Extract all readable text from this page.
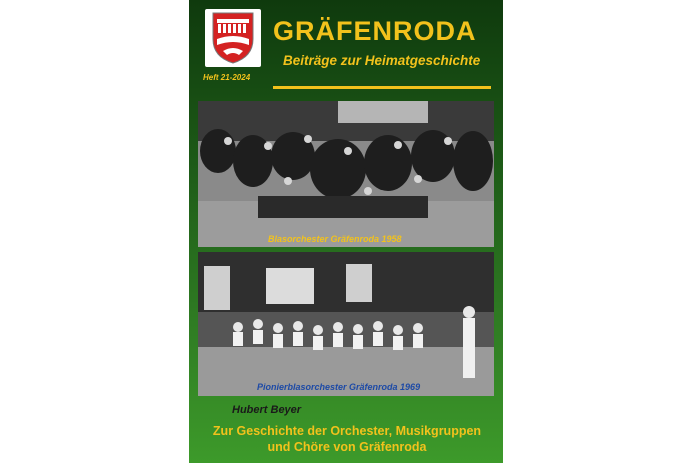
GRÄFENRODA
Beiträge zur Heimatgeschichte
Heft 21-2024
Blasorchester Gräfenroda 1958
Pionierblasorchester Gräfenroda 1969
Hubert Beyer
Zur Geschichte der Orchester, Musikgruppen
und Chöre von Gräfenroda
